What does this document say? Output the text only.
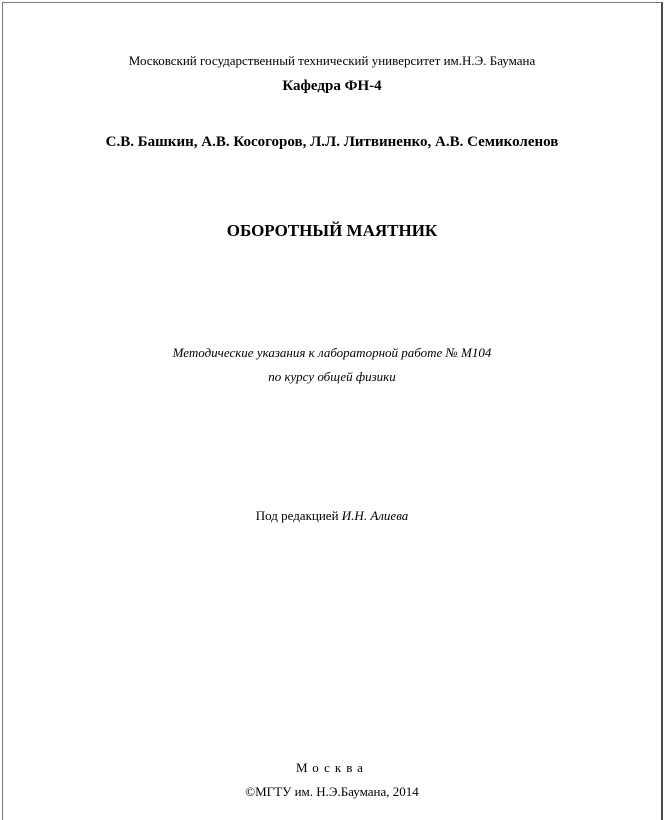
Московский государственный технический университет им.Н.Э. Баумана
Кафедра ФН-4
С.В. Башкин, А.В. Косогоров, Л.Л. Литвиненко, А.В. Семиколенов
ОБОРОТНЫЙ МАЯТНИК
Методические указания к лабораторной работе № М104
по курсу общей физики
Под редакцией И.Н. Алиева
Москва
©МГТУ им. Н.Э.Баумана, 2014
